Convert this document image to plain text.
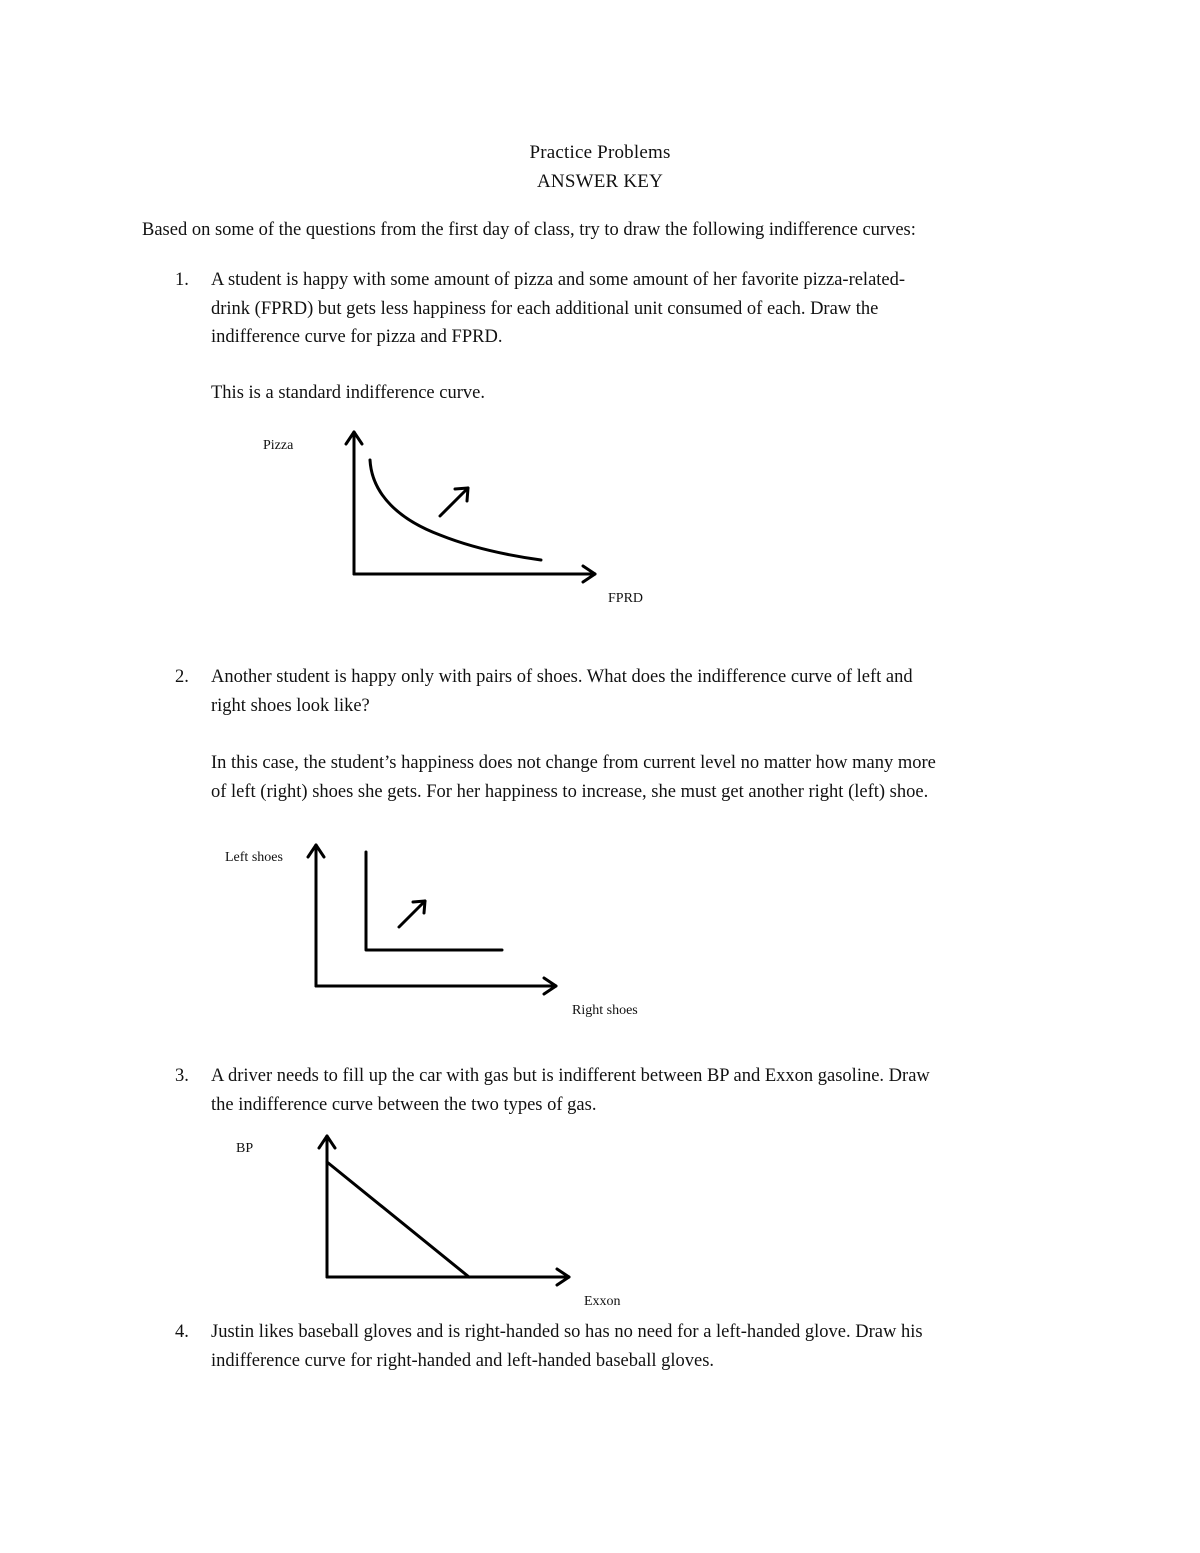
Practice Problems
ANSWER KEY
Based on some of the questions from the first day of class, try to draw the following indifference curves:
1. A student is happy with some amount of pizza and some amount of her favorite pizza-related-
drink (FPRD) but gets less happiness for each additional unit consumed of each. Draw the
indifference curve for pizza and FPRD.
This is a standard indifference curve.
Pizza
FPRD
2. Another student is happy only with pairs of shoes. What does the indifference curve of left and
right shoes look like?
In this case, the student’s happiness does not change from current level no matter how many more
of left (right) shoes she gets. For her happiness to increase, she must get another right (left) shoe.
Left shoes
Right shoes
3. A driver needs to fill up the car with gas but is indifferent between BP and Exxon gasoline. Draw
the indifference curve between the two types of gas.
BP
Exxon
4. Justin likes baseball gloves and is right-handed so has no need for a left-handed glove. Draw his
indifference curve for right-handed and left-handed baseball gloves.
